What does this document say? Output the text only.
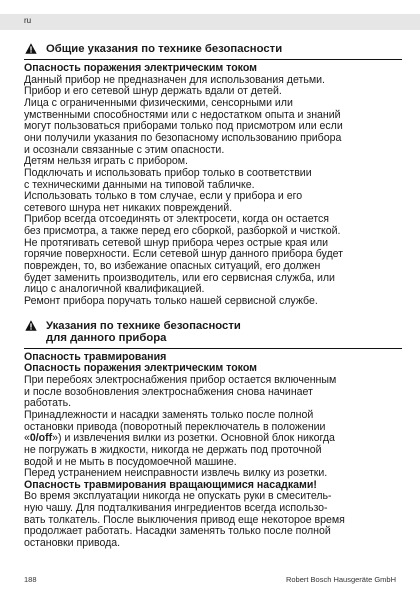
ru
Общие указания по технике безопасности
Опасность поражения электрическим током

Данный прибор не предназначен для использования детьми.
Прибор и его сетевой шнур держать вдали от детей.
Лица с ограниченными физическими, сенсорными или
умственными способностями или с недостатком опыта и знаний
могут пользоваться приборами только под присмотром или если
они получили указания по безопасному использованию прибора
и осознали связанные с этим опасности.
Детям нельзя играть с прибором.
Подключать и использовать прибор только в соответствии
с техническими данными на типовой табличке.
Использовать только в том случае, если у прибора и его
сетевого шнура нет никаких повреждений.
Прибор всегда отсоединять от электросети, когда он остается
без присмотра, а также перед его сборкой, разборкой и чисткой.
Не протягивать сетевой шнур прибора через острые края или
горячие поверхности. Если сетевой шнур данного прибора будет
поврежден, то, во избежание опасных ситуаций, его должен
будет заменить производитель, или его сервисная служба, или
лицо с аналогичной квалификацией.
Ремонт прибора поручать только нашей сервисной службе.

Указания по технике безопасности
для данного прибора
Опасность травмирования
Опасность поражения электрическим током

При перебоях электроснабжения прибор остается включенным
и после возобновления электроснабжения снова начинает
работать.
Принадлежности и насадки заменять только после полной
остановки привода (поворотный переключатель в положении
«0/off») и извлечения вилки из розетки. Основной блок никогда
не погружать в жидкости, никогда не держать под проточной
водой и не мыть в посудомоечной машине.
Перед устранением неисправности извлечь вилку из розетки.

Опасность травмирования вращающимися насадками!

Во время эксплуатации никогда не опускать руки в смеситель-
ную чашу. Для подталкивания ингредиентов всегда использо-
вать толкатель. После выключения привод еще некоторое время
продолжает работать. Насадки заменять только после полной
остановки привода.

188	Robert Bosch Hausgeräte GmbH
